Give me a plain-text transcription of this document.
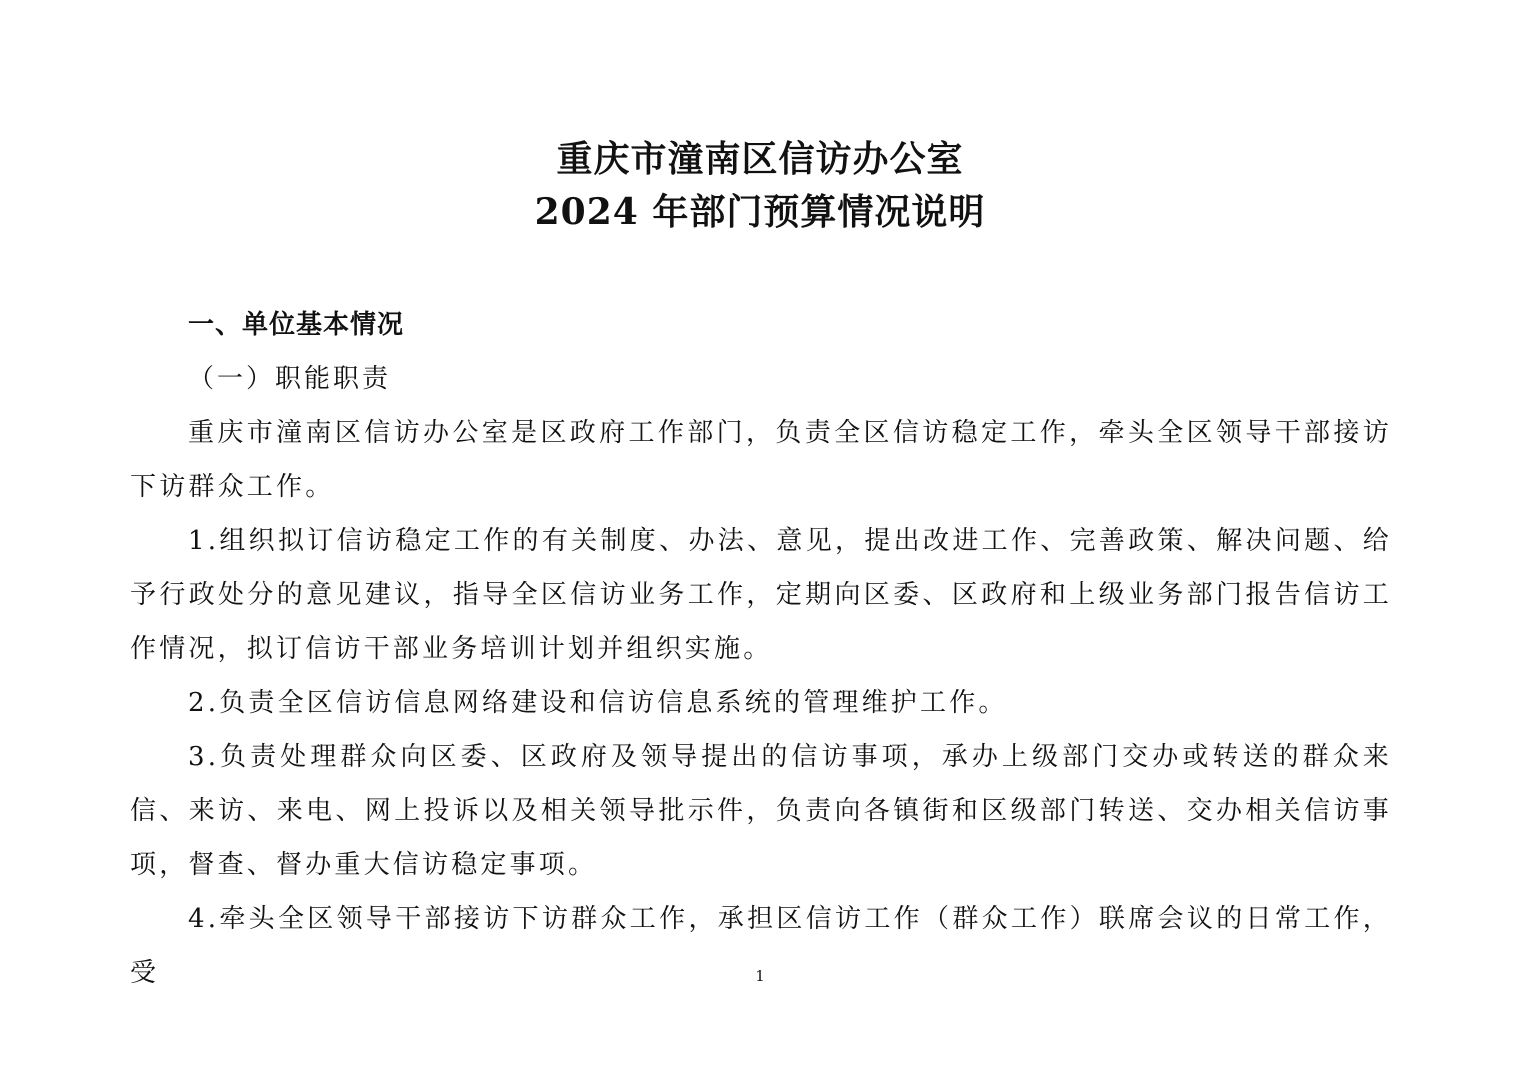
重庆市潼南区信访办公室
2024 年部门预算情况说明
一、单位基本情况
（一）职能职责
重庆市潼南区信访办公室是区政府工作部门，负责全区信访稳定工作，牵头全区领导干部接访下访群众工作。
1.组织拟订信访稳定工作的有关制度、办法、意见，提出改进工作、完善政策、解决问题、给予行政处分的意见建议，指导全区信访业务工作，定期向区委、区政府和上级业务部门报告信访工作情况，拟订信访干部业务培训计划并组织实施。
2.负责全区信访信息网络建设和信访信息系统的管理维护工作。
3.负责处理群众向区委、区政府及领导提出的信访事项，承办上级部门交办或转送的群众来信、来访、来电、网上投诉以及相关领导批示件，负责向各镇街和区级部门转送、交办相关信访事项，督查、督办重大信访稳定事项。
4.牵头全区领导干部接访下访群众工作，承担区信访工作（群众工作）联席会议的日常工作，受	1
